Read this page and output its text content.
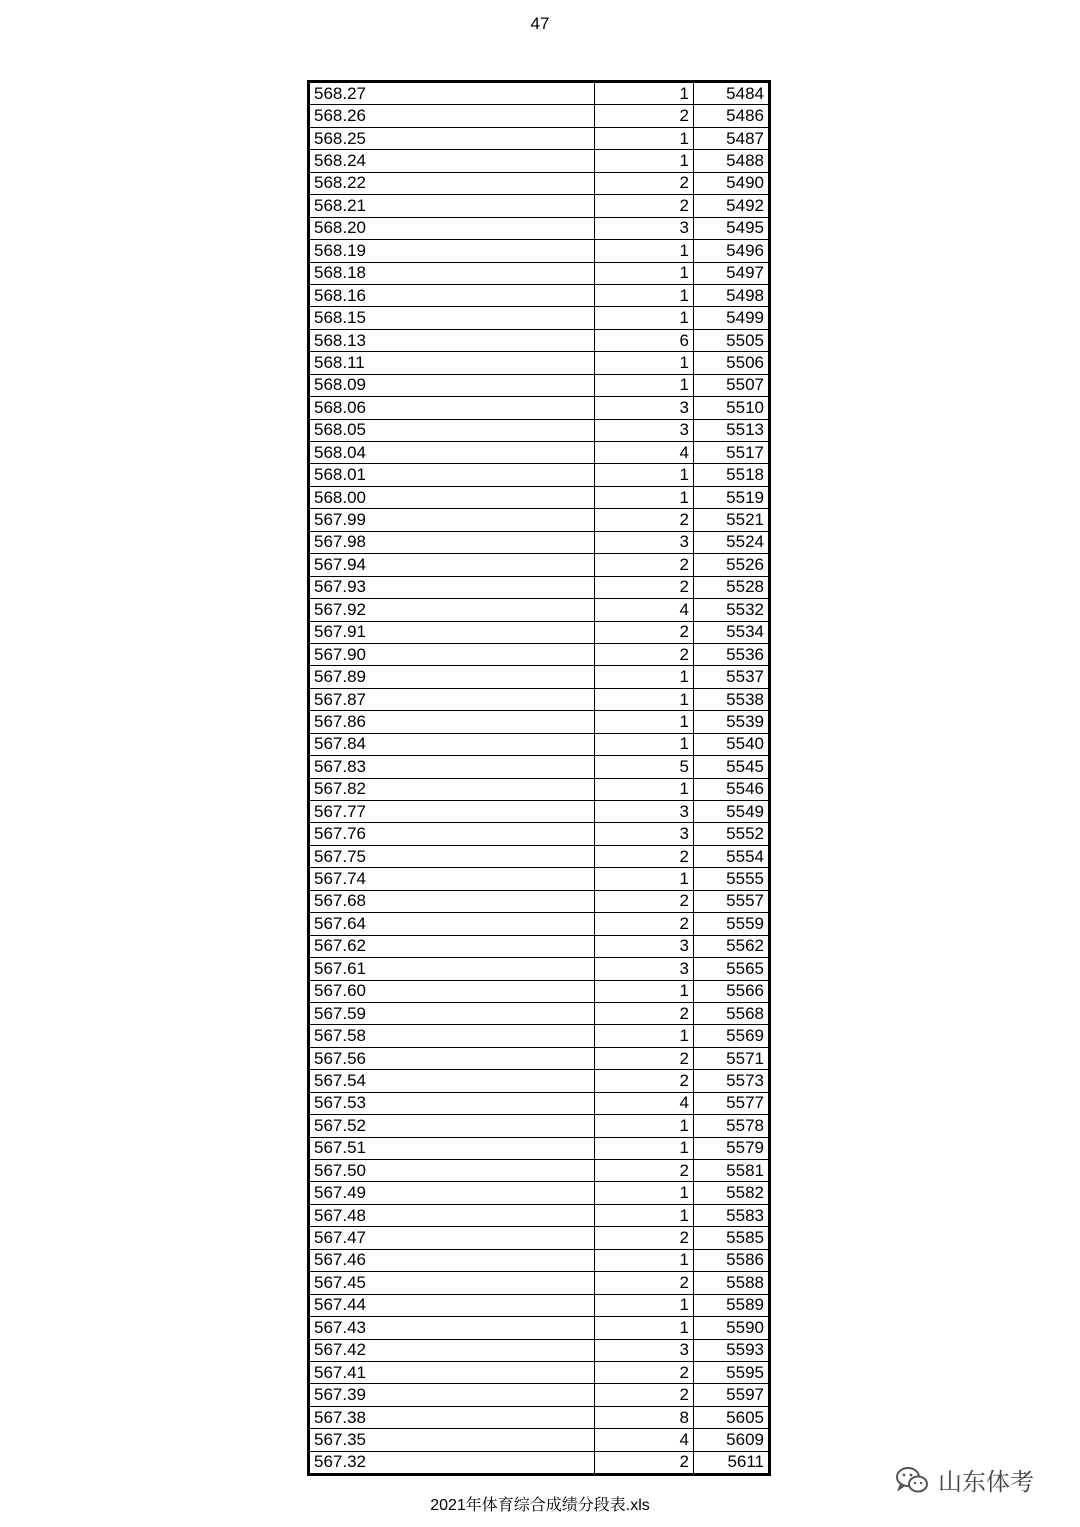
47
568.27	1	5484
568.26	2	5486
568.25	1	5487
568.24	1	5488
568.22	2	5490
568.21	2	5492
568.20	3	5495
568.19	1	5496
568.18	1	5497
568.16	1	5498
568.15	1	5499
568.13	6	5505
568.11	1	5506
568.09	1	5507
568.06	3	5510
568.05	3	5513
568.04	4	5517
568.01	1	5518
568.00	1	5519
567.99	2	5521
567.98	3	5524
567.94	2	5526
567.93	2	5528
567.92	4	5532
567.91	2	5534
567.90	2	5536
567.89	1	5537
567.87	1	5538
567.86	1	5539
567.84	1	5540
567.83	5	5545
567.82	1	5546
567.77	3	5549
567.76	3	5552
567.75	2	5554
567.74	1	5555
567.68	2	5557
567.64	2	5559
567.62	3	5562
567.61	3	5565
567.60	1	5566
567.59	2	5568
567.58	1	5569
567.56	2	5571
567.54	2	5573
567.53	4	5577
567.52	1	5578
567.51	1	5579
567.50	2	5581
567.49	1	5582
567.48	1	5583
567.47	2	5585
567.46	1	5586
567.45	2	5588
567.44	1	5589
567.43	1	5590
567.42	3	5593
567.41	2	5595
567.39	2	5597
567.38	8	5605
567.35	4	5609
567.32	2	5611
山东体考
2021年体育综合成绩分段表.xls
